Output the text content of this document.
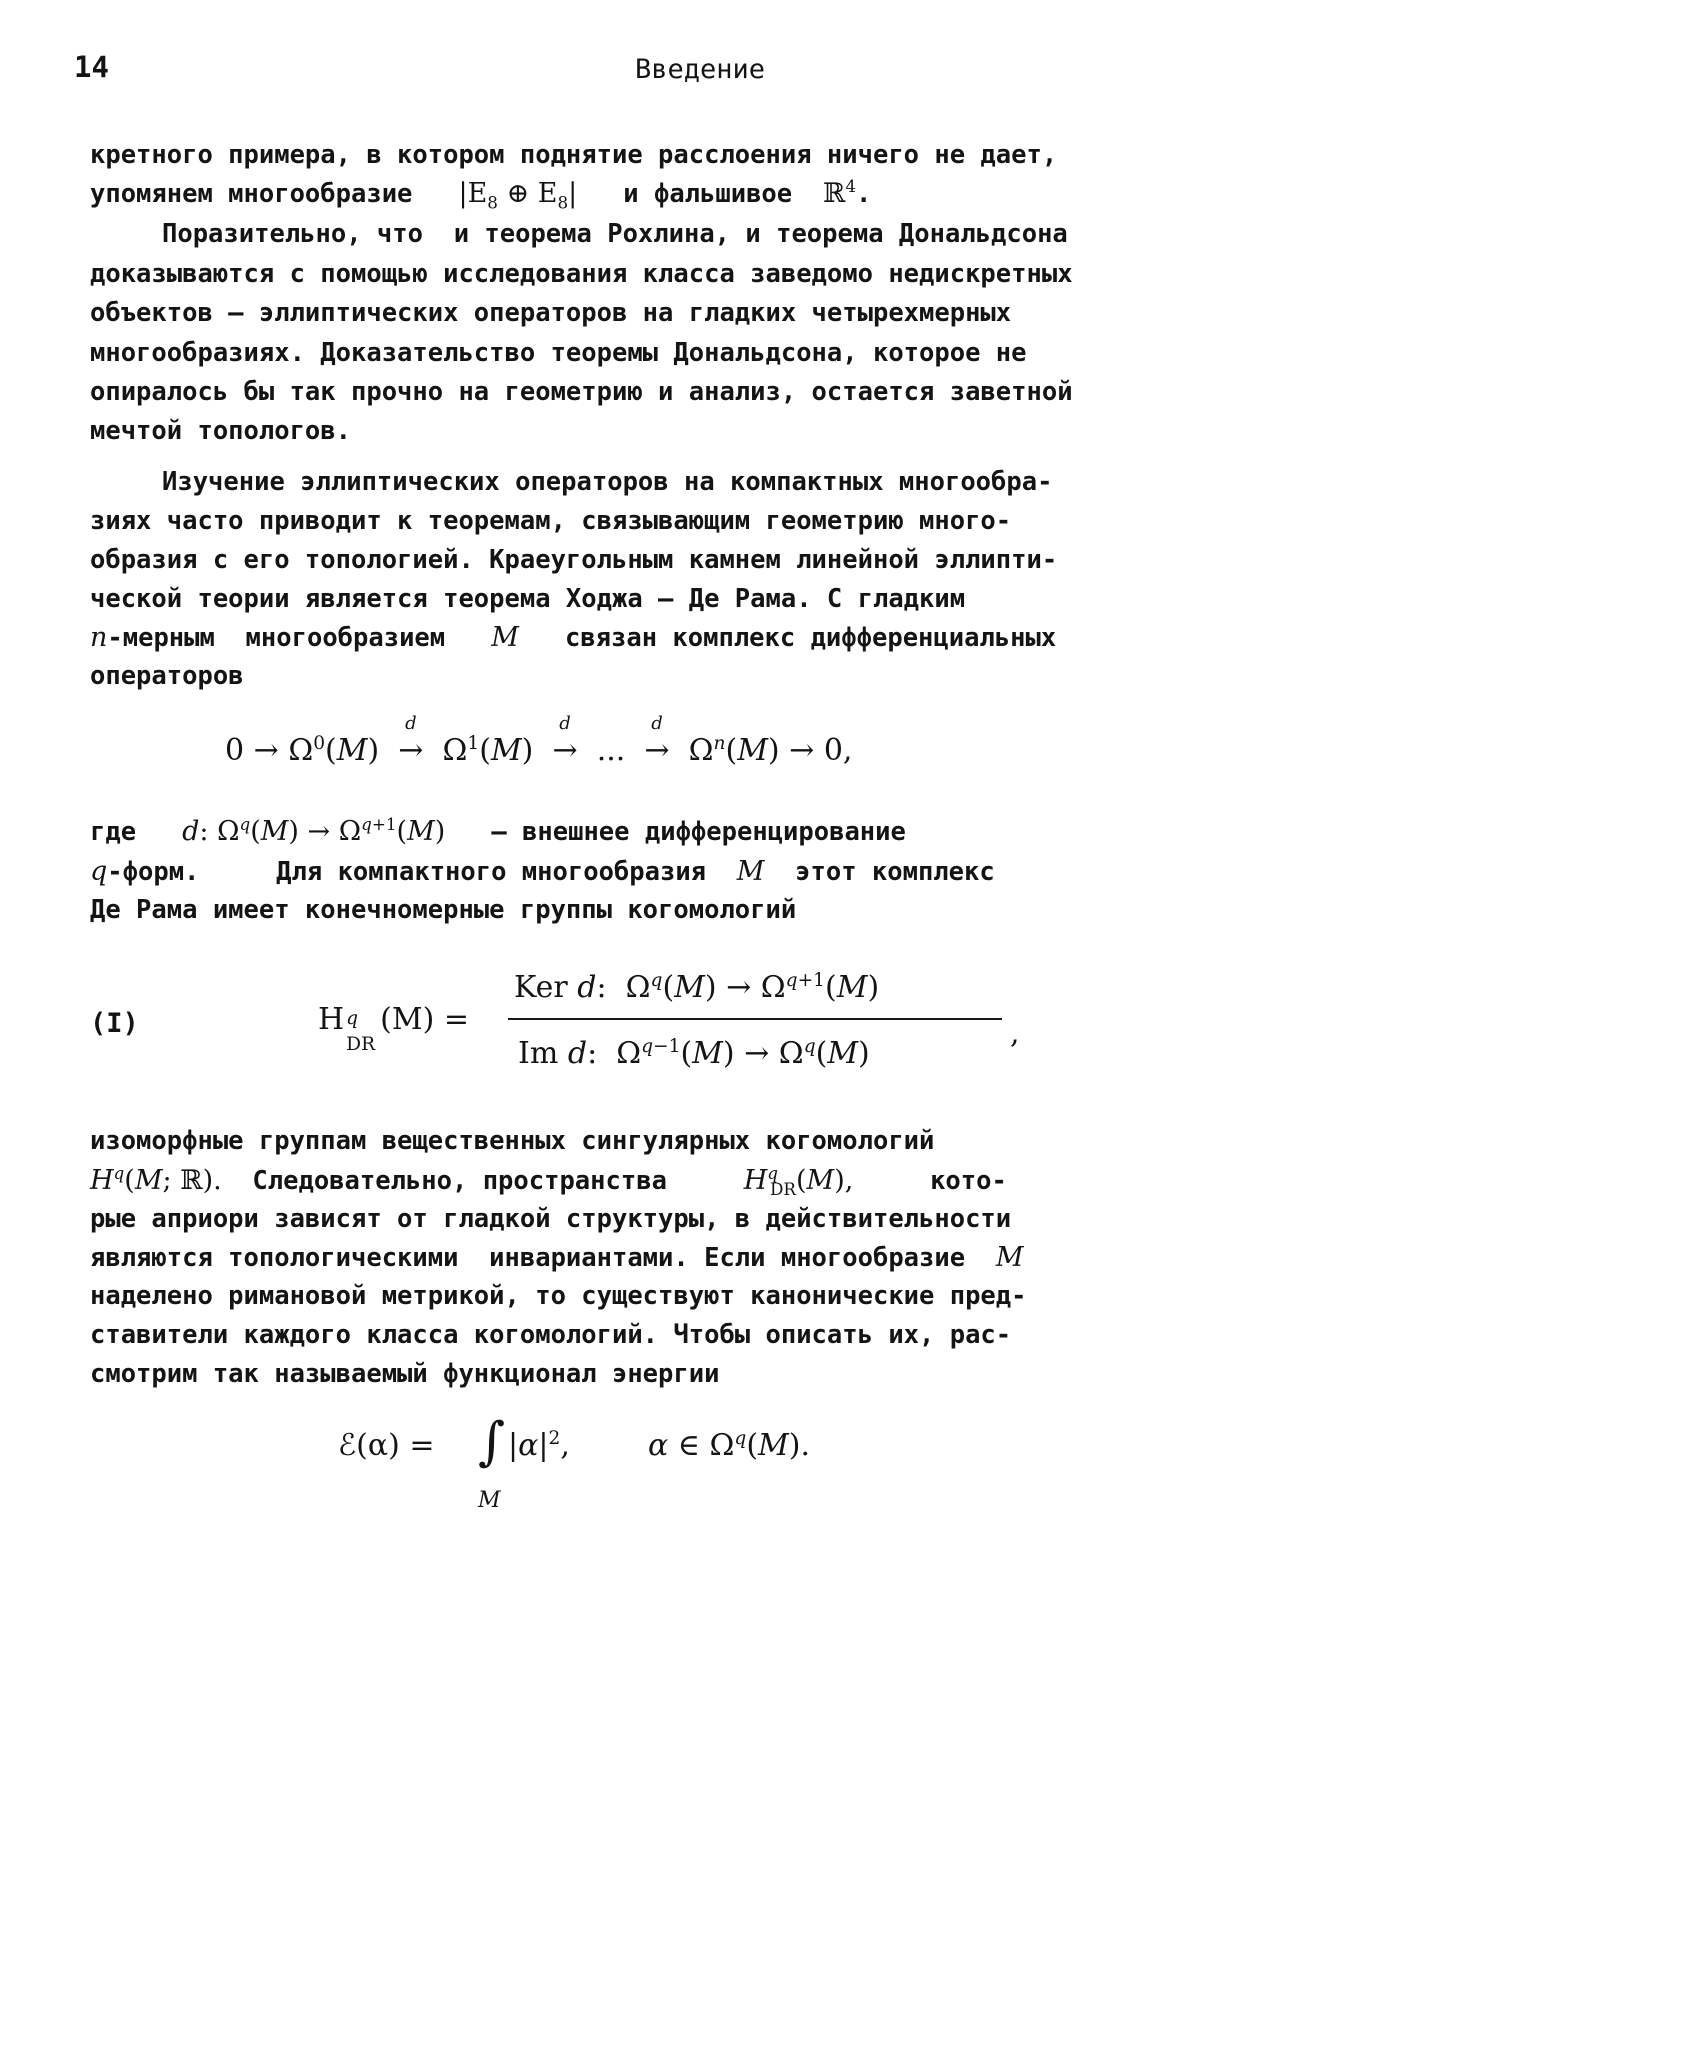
14	Введение
кретного примера, в котором поднятие расслоения ничего не дает,
упомянем многообразие $|E_8$ ⊕ $E_8|$ и фальшивое ℝ$^4$.
Поразительно, что  и теорема Рохлина, и теорема Дональдсона
доказываются с помощью исследования класса заведомо недискретных
объектов – эллиптических операторов на гладких четырехмерных
многообразиях. Доказательство теоремы Дональдсона, которое не
опиралось бы так прочно на геометрию и анализ, остается заветной
мечтой топологов.
Изучение эллиптических операторов на компактных многообра-
зиях часто приводит к теоремам, связывающим геометрию много-
образия с его топологией. Краеугольным камнем линейной эллипти-
ческой теории является теорема Ходжа – Де Рама. С гладким
n-мерным  многообразием M связан комплекс дифференциальных
операторов
$0 \to \Omega^0(M)$
d
→  $\Omega^1(M)$
d
→  ...
d
→  $\Omega^n(M) \to 0$,
где d: $\Omega^q(M) \to \Omega^{q+1}(M)$ – внешнее дифференцирование
q-форм.     Для компактного многообразия M этот комплекс
Де Рама имеет конечномерные группы когомологий
(I)	H q
DR
(M) =
Ker d:  $\Omega^q(M) \to \Omega^{q+1}(M)$
Im d:  $\Omega^{q-1}(M) \to \Omega^q(M)$
,
изоморфные группам вещественных сингулярных когомологий
$H^q(M$; ℝ).  Следовательно, пространства	$H^q_{DR}(M)$,	кото-
рые априори зависят от гладкой структуры, в действительности
являются топологическими  инвариантами. Если многообразие M
наделено римановой метрикой, то существуют канонические пред-
ставители каждого класса когомологий. Чтобы описать их, рас-
смотрим так называемый функционал энергии
ℰ(α) = ∫
M
$|\alpha|^2$,	α ∈ $\Omega^q(M)$.
